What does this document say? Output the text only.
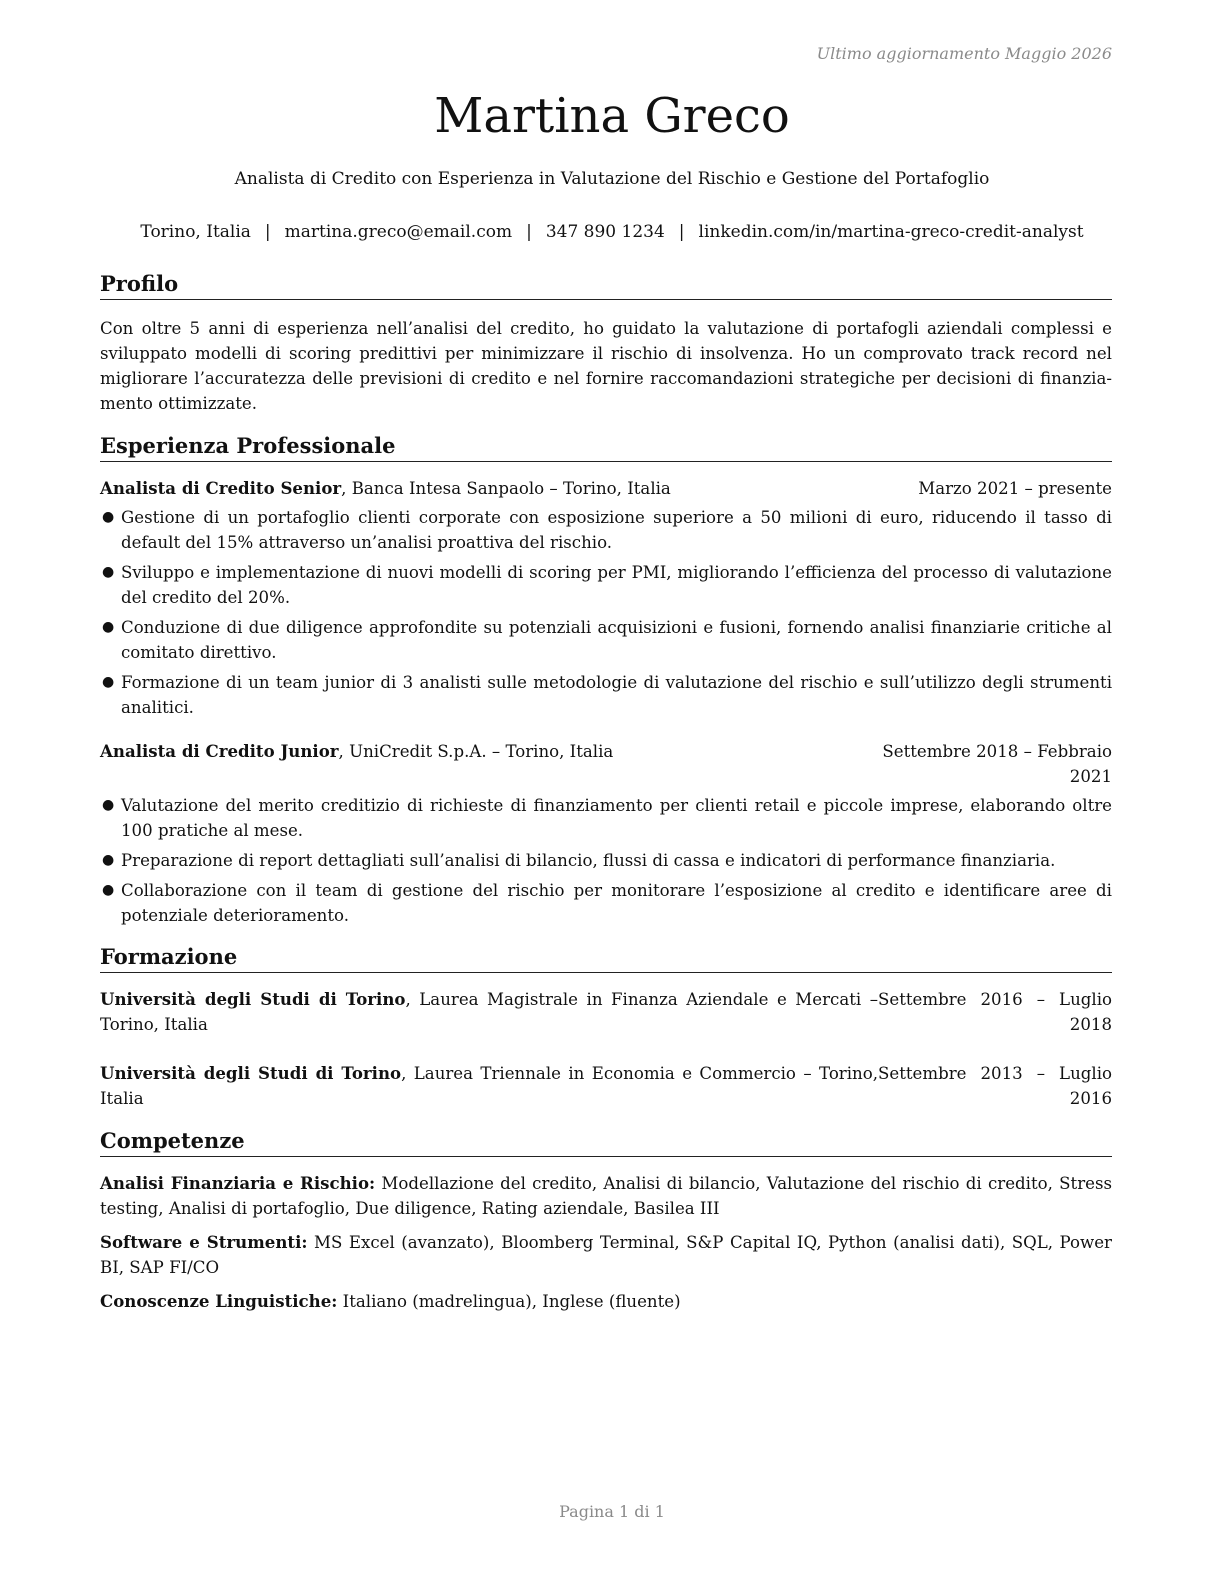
Ultimo aggiornamento Maggio 2026
Martina Greco
Analista di Credito con Esperienza in Valutazione del Rischio e Gestione del Portafoglio
Torino, Italia | martina.greco@email.com | 347 890 1234 | linkedin.com/in/martina-greco-credit-analyst
Profilo

Con oltre 5 anni di esperienza nell’analisi del credito, ho guidato la valutazione di portafogli aziendali complessi e sviluppato modelli di scoring predittivi per minimizzare il rischio di insolvenza. Ho un comprovato track record nel migliorare l’accuratezza delle previsioni di credito e nel fornire raccomandazioni strategiche per decisioni di finanzia-mento ottimizzate.

Esperienza Professionale
Analista di Credito Senior, Banca Intesa Sanpaolo – Torino, Italia	Marzo 2021 – presente
● Gestione di un portafoglio clienti corporate con esposizione superiore a 50 milioni di euro, riducendo il tasso di default del 15% attraverso un’analisi proattiva del rischio.
● Sviluppo e implementazione di nuovi modelli di scoring per PMI, migliorando l’efficienza del processo di valutazione del credito del 20%.
● Conduzione di due diligence approfondite su potenziali acquisizioni e fusioni, fornendo analisi finanziarie critiche al comitato direttivo.
● Formazione di un team junior di 3 analisti sulle metodologie di valutazione del rischio e sull’utilizzo degli strumenti analitici.
Analista di Credito Junior, UniCredit S.p.A. – Torino, Italia	Settembre 2018 – Febbraio 2021
● Valutazione del merito creditizio di richieste di finanziamento per clienti retail e piccole imprese, elaborando oltre 100 pratiche al mese.
● Preparazione di report dettagliati sull’analisi di bilancio, flussi di cassa e indicatori di performance finanziaria.
● Collaborazione con il team di gestione del rischio per monitorare l’esposizione al credito e identificare aree di potenziale deterioramento.
Formazione
Università degli Studi di Torino, Laurea Magistrale in Finanza Aziendale e Mercati – Torino, Italia
Settembre 2016 – Luglio 2018
Università degli Studi di Torino, Laurea Triennale in Economia e Commercio – Torino, Italia
Settembre 2013 – Luglio 2016
Competenze

Analisi Finanziaria e Rischio: Modellazione del credito, Analisi di bilancio, Valutazione del rischio di credito, Stress testing, Analisi di portafoglio, Due diligence, Rating aziendale, Basilea III

Software e Strumenti: MS Excel (avanzato), Bloomberg Terminal, S&P Capital IQ, Python (analisi dati), SQL, Power BI, SAP FI/CO

Conoscenze Linguistiche: Italiano (madrelingua), Inglese (fluente)

Pagina 1 di 1
